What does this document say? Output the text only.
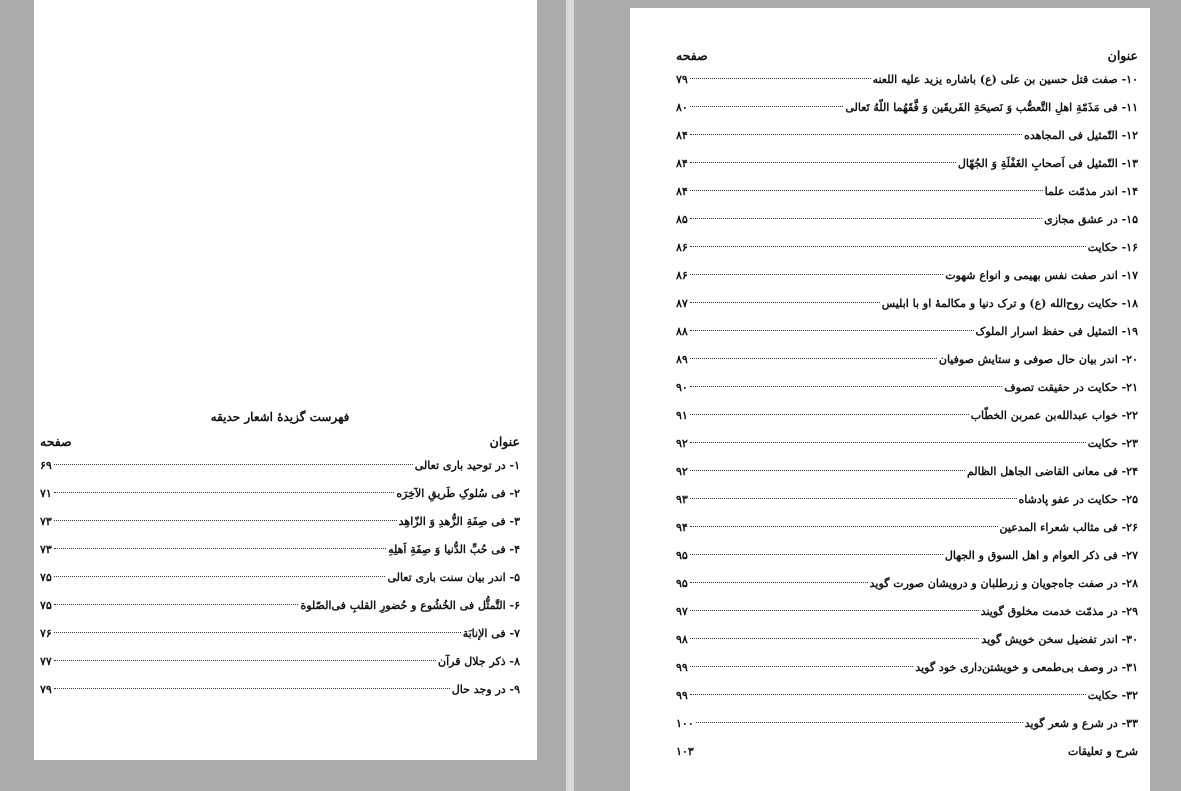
فهرست گزیدهٔ اشعار حدیقه
عنوان
صفحه
۱- در توحید باری تعالی
۶۹
۲- فی سُلوکِ طَریقِ الآخِرَه
۷۱
۳- فی صِفَةِ الزُّهدِ وَ الزّاهِد
۷۳
۴- فی حُبِّ الدُّنیا وَ صِفَةِ اَهلِهِ
۷۳
۵- اندر بیان سنت باری تعالی
۷۵
۶- التَّمثُّل فی الخُشُوع و حُضورِ القلبِ فی‌الصّلوة
۷۵
۷- فی الإنابَة
۷۶
۸- ذکر جلال قرآن
۷۷
۹- در وجد حال
۷۹
عنوان
صفحه
۱۰- صفت قتل حسین بن علی (ع) باشاره یزید علیه اللعنه
۷۹
۱۱- فی مَذَمّةِ اهلِ التَّعصُّب وَ نَصیحَةِ الفَریقَین وَ فَّقَهُما اللّهُ تَعالی
۸۰
۱۲- التّمثیل فی المجاهده
۸۴
۱۳- التّمثیل فی اَصحابِ الغَفْلَةِ وَ الجُهّال
۸۴
۱۴- اندر مذمّت علما
۸۴
۱۵- در عشق مجازی
۸۵
۱۶- حکایت
۸۶
۱۷- اندر صفت نفس بهیمی و انواع شهوت
۸۶
۱۸- حکایت روح‌الله (ع) و ترک دنیا و مکالمهٔ او با ابلیس
۸۷
۱۹- التمثیل فی حفظ اسرار الملوک
۸۸
۲۰- اندر بیان حال صوفی و ستایش صوفیان
۸۹
۲۱- حکایت در حقیقت تصوف
۹۰
۲۲- خواب عبدالله‌بن عمربن الخطّاب
۹۱
۲۳- حکایت
۹۲
۲۴- فی معانی القاضی الجاهل الظالم
۹۲
۲۵- حکایت در عفو پادشاه
۹۳
۲۶- فی مثالب شعراء المدعین
۹۴
۲۷- فی ذکر العوام و اهل السوق و الجهال
۹۵
۲۸- در صفت جاه‌جویان و زرطلبان و درویشان صورت گوید
۹۵
۲۹- در مذمّت خدمت مخلوق گویند
۹۷
۳۰- اندر تفضیل سخن خویش گوید
۹۸
۳۱- در وصف بی‌طمعی و خویشتن‌داری خود گوید
۹۹
۳۲- حکایت
۹۹
۳۳- در شرع و شعر گوید
۱۰۰
شرح و تعلیقات
۱۰۳
